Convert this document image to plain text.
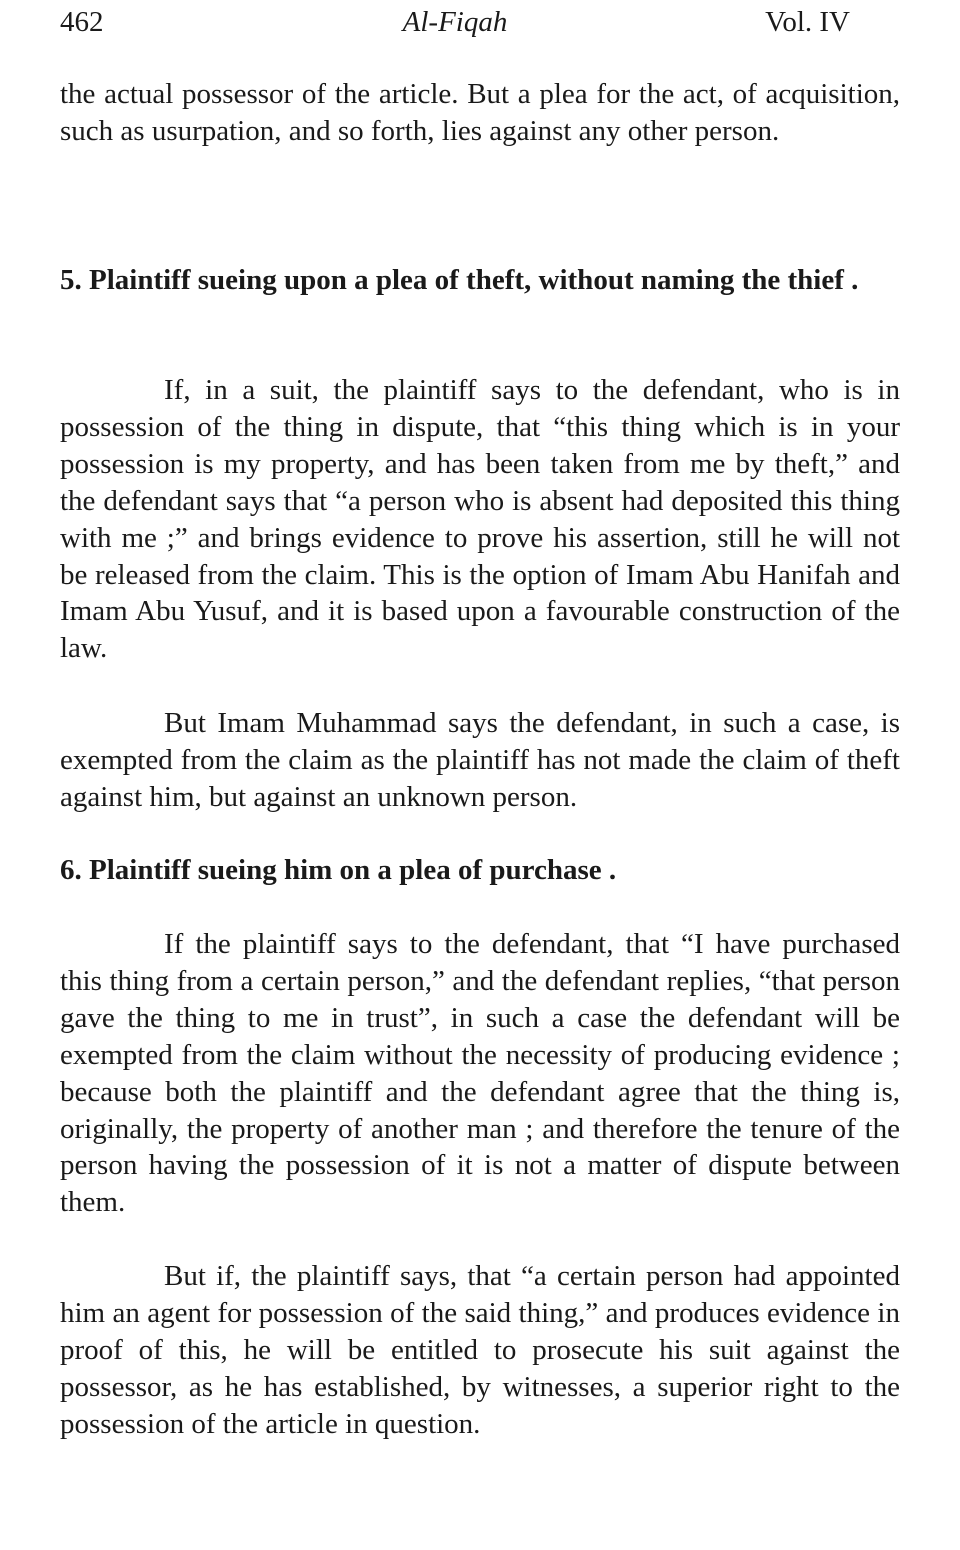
462	Al-Fiqah	Vol. IV

the actual possessor of the article. But a plea for the act, of acquisition, such as usurpation, and so forth, lies against any other person.

5. Plaintiff sueing upon a plea of theft, without naming the thief .

If, in a suit, the plaintiff says to the defendant, who is in possession of the thing in dispute, that “this thing which is in your possession is my property, and has been taken from me by theft,” and the defendant says that “a person who is absent had deposited this thing with me ;” and brings evidence to prove his assertion, still he will not be released from the claim. This is the option of Imam Abu Hanifah and Imam Abu Yusuf, and it is based upon a favourable construction of the law.

But Imam Muhammad says the defendant, in such a case, is exempted from the claim as the plaintiff has not made the claim of theft against him, but against an unknown person.

6. Plaintiff sueing him on a plea of purchase .

If the plaintiff says to the defendant, that “I have purchased this thing from a certain person,” and the defendant replies, “that person gave the thing to me in trust”, in such a case the defendant will be exempted from the claim without the necessity of producing evidence ; because both the plaintiff and the defendant agree that the thing is, originally, the property of another man ; and therefore the tenure of the person having the possession of it is not a matter of dispute between them.

But if, the plaintiff says, that “a certain person had appointed him an agent for possession of the said thing,” and produces evidence in proof of this, he will be entitled to prosecute his suit against the possessor, as he has established, by witnesses, a superior right to the possession of the article in question.
